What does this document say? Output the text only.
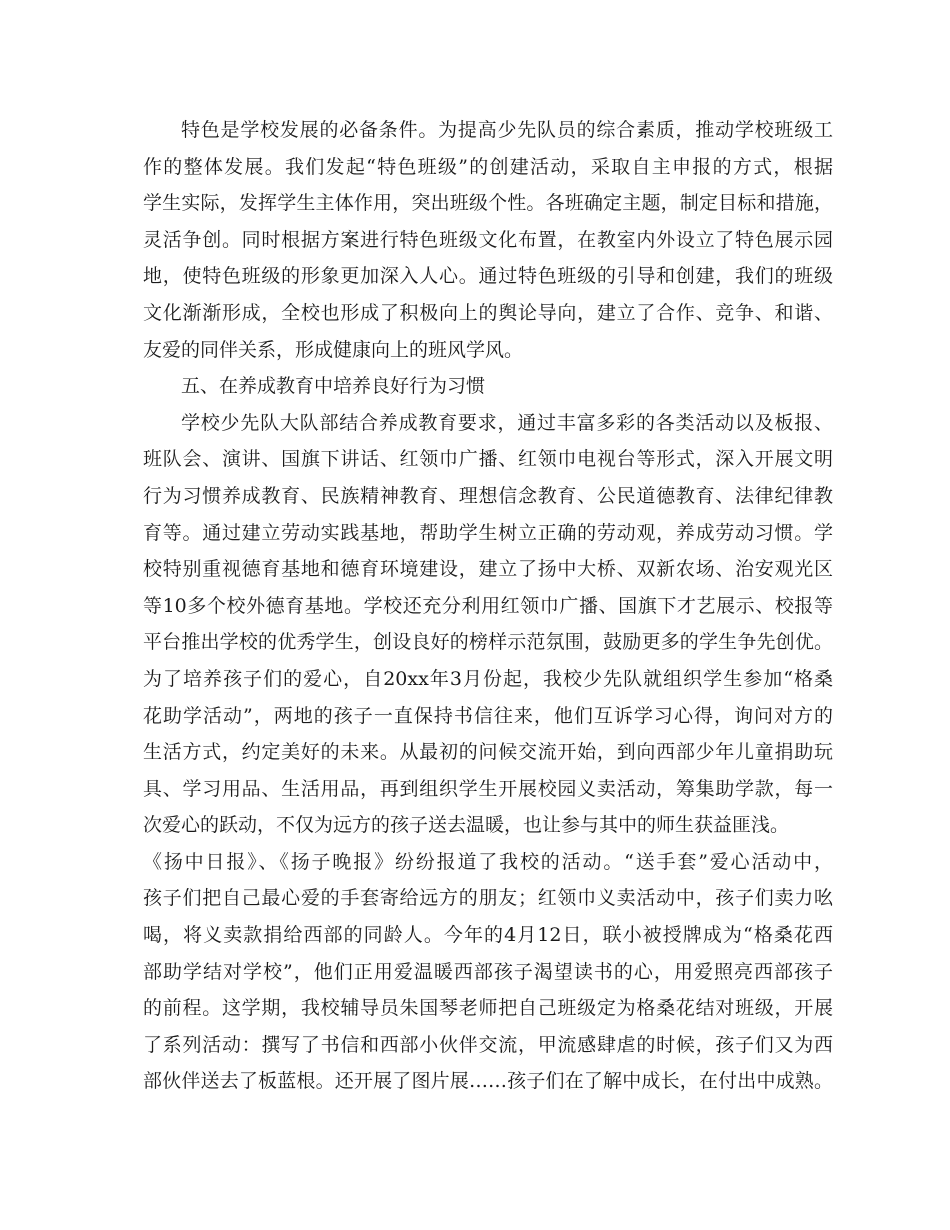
特色是学校发展的必备条件。为提高少先队员的综合素质，推动学校班级工
作的整体发展。我们发起“特色班级”的创建活动，采取自主申报的方式，根据
学生实际，发挥学生主体作用，突出班级个性。各班确定主题，制定目标和措施，
灵活争创。同时根据方案进行特色班级文化布置，在教室内外设立了特色展示园
地，使特色班级的形象更加深入人心。通过特色班级的引导和创建，我们的班级
文化渐渐形成，全校也形成了积极向上的舆论导向，建立了合作、竞争、和谐、
友爱的同伴关系，形成健康向上的班风学风。
五、在养成教育中培养良好行为习惯
学校少先队大队部结合养成教育要求，通过丰富多彩的各类活动以及板报、
班队会、演讲、国旗下讲话、红领巾广播、红领巾电视台等形式，深入开展文明
行为习惯养成教育、民族精神教育、理想信念教育、公民道德教育、法律纪律教
育等。通过建立劳动实践基地，帮助学生树立正确的劳动观，养成劳动习惯。学
校特别重视德育基地和德育环境建设，建立了扬中大桥、双新农场、治安观光区
等10多个校外德育基地。学校还充分利用红领巾广播、国旗下才艺展示、校报等
平台推出学校的优秀学生，创设良好的榜样示范氛围，鼓励更多的学生争先创优。
为了培养孩子们的爱心，自20xx年3月份起，我校少先队就组织学生参加“格桑
花助学活动”，两地的孩子一直保持书信往来，他们互诉学习心得，询问对方的
生活方式，约定美好的未来。从最初的问候交流开始，到向西部少年儿童捐助玩
具、学习用品、生活用品，再到组织学生开展校园义卖活动，筹集助学款，每一
次爱心的跃动，不仅为远方的孩子送去温暖，也让参与其中的师生获益匪浅。
《扬中日报》、《扬子晚报》纷纷报道了我校的活动。“送手套”爱心活动中，
孩子们把自己最心爱的手套寄给远方的朋友；红领巾义卖活动中，孩子们卖力吆
喝，将义卖款捐给西部的同龄人。今年的4月12日，联小被授牌成为“格桑花西
部助学结对学校”，他们正用爱温暖西部孩子渴望读书的心，用爱照亮西部孩子
的前程。这学期，我校辅导员朱国琴老师把自己班级定为格桑花结对班级，开展
了系列活动：撰写了书信和西部小伙伴交流，甲流感肆虐的时候，孩子们又为西
部伙伴送去了板蓝根。还开展了图片展……孩子们在了解中成长，在付出中成熟。
